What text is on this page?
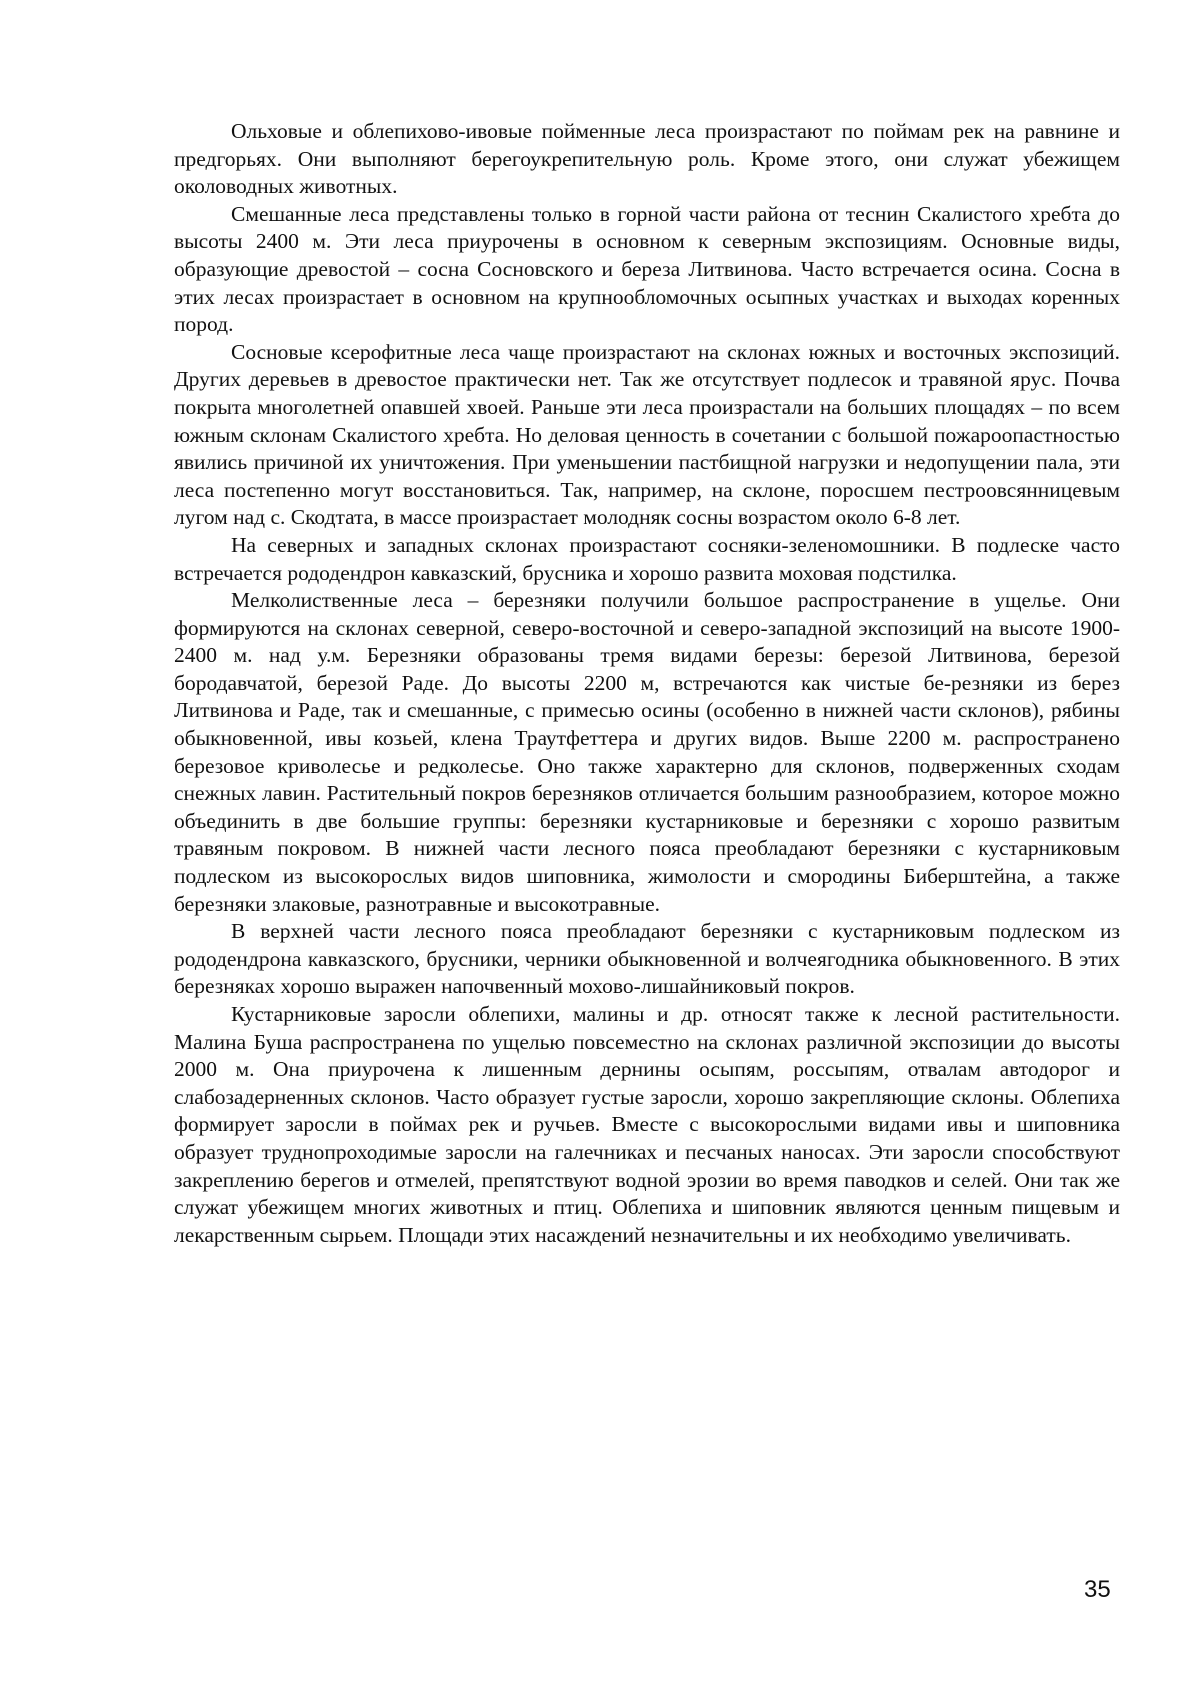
Ольховые и облепихово-ивовые пойменные леса произрастают по поймам рек на равнине и предгорьях. Они выполняют берегоукрепительную роль. Кроме этого, они служат убежищем околоводных животных.

Смешанные леса представлены только в горной части района от теснин Скалистого хребта до высоты 2400 м. Эти леса приурочены в основном к северным экспозициям. Основные виды, образующие древостой – сосна Сосновского и береза Литвинова. Часто встречается осина. Сосна в этих лесах произрастает в основном на крупнообломочных осыпных участках и выходах коренных пород.

Сосновые ксерофитные леса чаще произрастают на склонах южных и восточных экспозиций. Других деревьев в древостое практически нет. Так же отсутствует подлесок и травяной ярус. Почва покрыта многолетней опавшей хвоей. Раньше эти леса произрастали на больших площадях – по всем южным склонам Скалистого хребта. Но деловая ценность в сочетании с большой пожароопастностью явились причиной их уничтожения. При уменьшении пастбищной нагрузки и недопущении пала, эти леса постепенно могут восстановиться. Так, например, на склоне, поросшем пестроовсянницевым лугом над с. Скодтата, в массе произрастает молодняк сосны возрастом около 6-8 лет.

На северных и западных склонах произрастают сосняки-зеленомошники. В подлеске часто встречается рододендрон кавказский, брусника и хорошо развита моховая подстилка.

Мелколиственные леса – березняки получили большое распространение в ущелье. Они формируются на склонах северной, северо-восточной и северо-западной экспозиций на высоте 1900-2400 м. над у.м. Березняки образованы тремя видами березы: березой Литвинова, березой бородавчатой, березой Раде. До высоты 2200 м, встречаются как чистые бе-резняки из берез Литвинова и Раде, так и смешанные, с примесью осины (особенно в нижней части склонов), рябины обыкновенной, ивы козьей, клена Траутфеттера и других видов. Выше 2200 м. распространено березовое криволесье и редколесье. Оно также характерно для склонов, подверженных сходам снежных лавин. Растительный покров березняков отличается большим разнообразием, которое можно объединить в две большие группы: березняки кустарниковые и березняки с хорошо развитым травяным покровом. В нижней части лесного пояса преобладают березняки с кустарниковым подлеском из высокорослых видов шиповника, жимолости и смородины Биберштейна, а также березняки злаковые, разнотравные и высокотравные.

В верхней части лесного пояса преобладают березняки с кустарниковым подлеском из рододендрона кавказского, брусники, черники обыкновенной и волчеягодника обыкновенного. В этих березняках хорошо выражен напочвенный мохово-лишайниковый покров.

Кустарниковые заросли облепихи, малины и др. относят также к лесной растительности. Малина Буша распространена по ущелью повсеместно на склонах различной экспозиции до высоты 2000 м. Она приурочена к лишенным дернины осыпям, россыпям, отвалам автодорог и слабозадерненных склонов. Часто образует густые заросли, хорошо закрепляющие склоны. Облепиха формирует заросли в поймах рек и ручьев. Вместе с высокорослыми видами ивы и шиповника образует труднопроходимые заросли на галечниках и песчаных наносах. Эти заросли способствуют закреплению берегов и отмелей, препятствуют водной эрозии во время паводков и селей. Они так же служат убежищем многих животных и птиц. Облепиха и шиповник являются ценным пищевым и лекарственным сырьем. Площади этих насаждений незначительны и их необходимо увеличивать.

35
